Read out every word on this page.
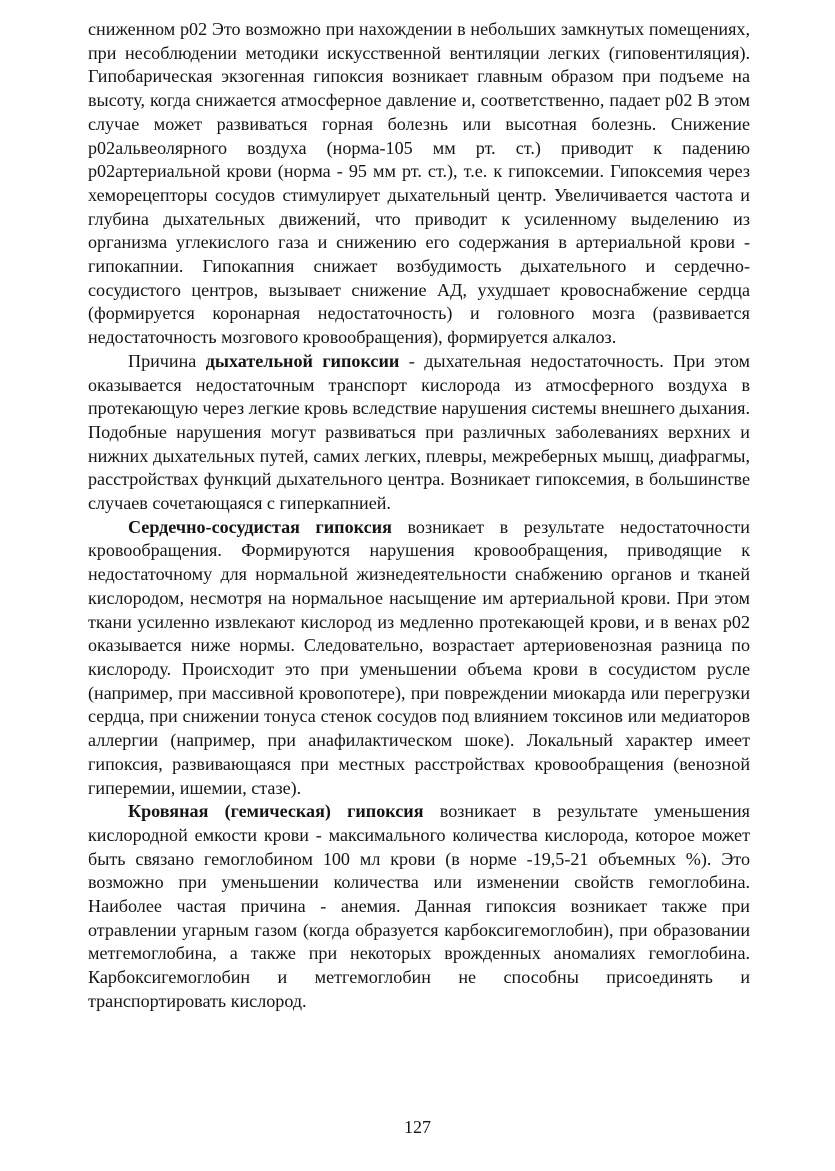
сниженном р02 Это возможно при нахождении в небольших замкнутых помещениях, при несоблюдении методики искусственной вентиляции легких (гиповентиляция). Гипобарическая экзогенная гипоксия возникает главным образом при подъеме на высоту, когда снижается атмосферное давление и, соответственно, падает р02 В этом случае может развиваться горная болезнь или высотная болезнь. Снижение р02альвеолярного воздуха (норма-105 мм рт. ст.) приводит к падению р02артериальной крови (норма - 95 мм рт. ст.), т.е. к гипоксемии. Гипоксемия через хеморецепторы сосудов стимулирует дыхательный центр. Увеличивается частота и глубина дыхательных движений, что приводит к усиленному выделению из организма углекислого газа и снижению его содержания в артериальной крови - гипокапнии. Гипокапния снижает возбудимость дыхательного и сердечно-сосудистого центров, вызывает снижение АД, ухудшает кровоснабжение сердца (формируется коронарная недостаточность) и головного мозга (развивается недостаточность мозгового кровообращения), формируется алкалоз.

Причина дыхательной гипоксии - дыхательная недостаточность. При этом оказывается недостаточным транспорт кислорода из атмосферного воздуха в протекающую через легкие кровь вследствие нарушения системы внешнего дыхания. Подобные нарушения могут развиваться при различных заболеваниях верхних и нижних дыхательных путей, самих легких, плевры, межреберных мышц, диафрагмы, расстройствах функций дыхательного центра. Возникает гипоксемия, в большинстве случаев сочетающаяся с гиперкапнией.

Сердечно-сосудистая гипоксия возникает в результате недостаточности кровообращения. Формируются нарушения кровообращения, приводящие к недостаточному для нормальной жизнедеятельности снабжению органов и тканей кислородом, несмотря на нормальное насыщение им артериальной крови. При этом ткани усиленно извлекают кислород из медленно протекающей крови, и в венах р02 оказывается ниже нормы. Следовательно, возрастает артериовенозная разница по кислороду. Происходит это при уменьшении объема крови в сосудистом русле (например, при массивной кровопотере), при повреждении миокарда или перегрузки сердца, при снижении тонуса стенок сосудов под влиянием токсинов или медиаторов аллергии (например, при анафилактическом шоке). Локальный характер имеет гипоксия, развивающаяся при местных расстройствах кровообращения (венозной гиперемии, ишемии, стазе).

Кровяная (гемическая) гипоксия возникает в результате уменьшения кислородной емкости крови - максимального количества кислорода, которое может быть связано гемоглобином 100 мл крови (в норме -19,5-21 объемных %). Это возможно при уменьшении количества или изменении свойств гемоглобина. Наиболее частая причина - анемия. Данная гипоксия возникает также при отравлении угарным газом (когда образуется карбоксигемоглобин), при образовании метгемоглобина, а также при некоторых врожденных аномалиях гемоглобина. Карбоксигемоглобин и метгемоглобин не способны присоединять и транспортировать кислород.

127
